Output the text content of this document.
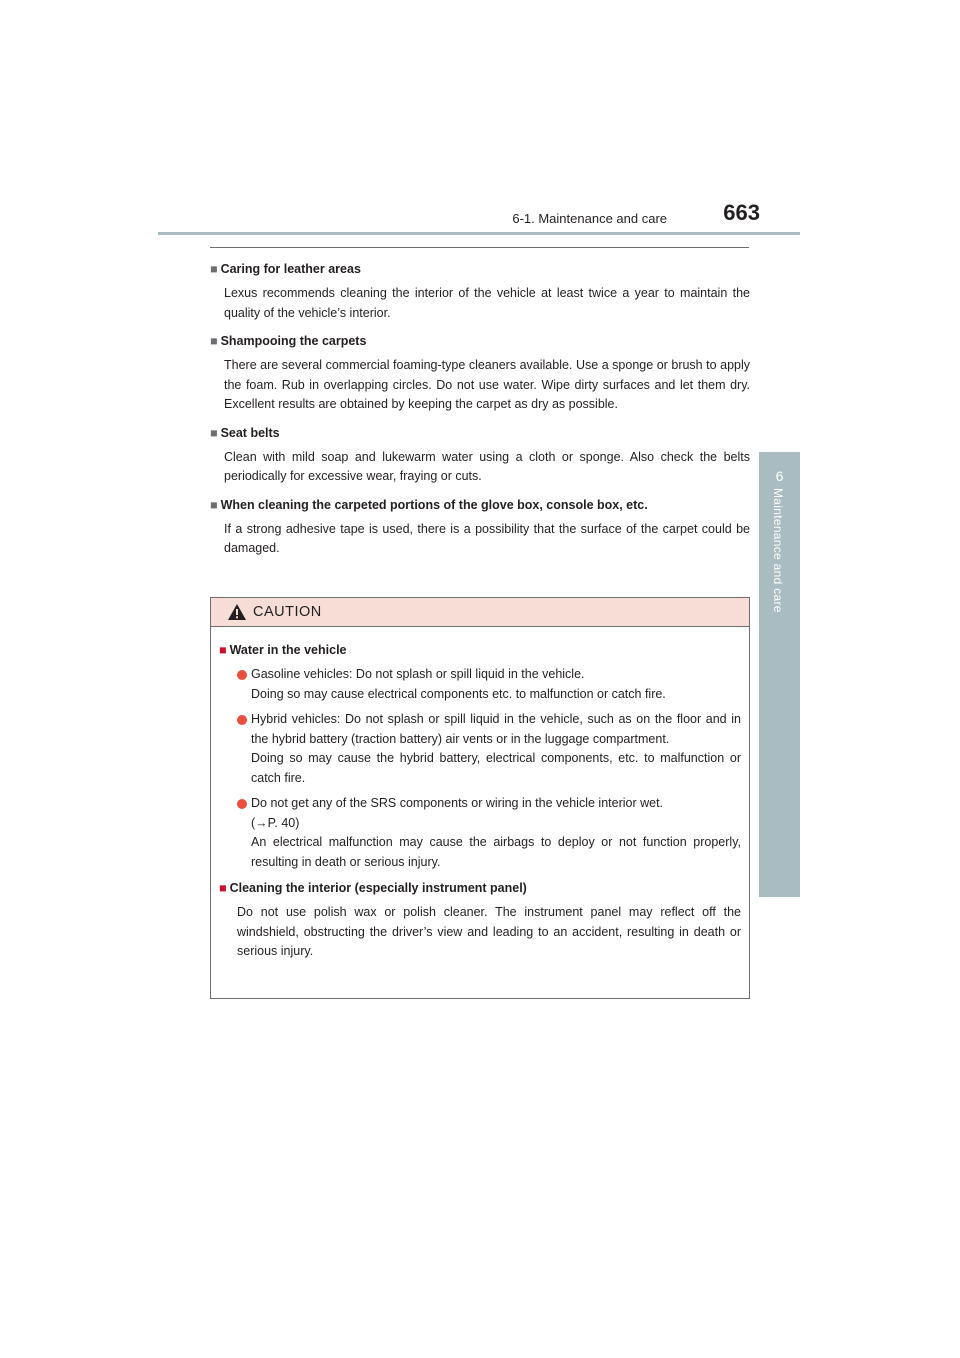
6-1. Maintenance and care	663
6
Maintenance and care
■ Caring for leather areas
Lexus recommends cleaning the interior of the vehicle at least twice a year to maintain the quality of the vehicle’s interior.
■ Shampooing the carpets
There are several commercial foaming-type cleaners available. Use a sponge or brush to apply the foam. Rub in overlapping circles. Do not use water. Wipe dirty surfaces and let them dry. Excellent results are obtained by keeping the carpet as dry as possible.
■ Seat belts
Clean with mild soap and lukewarm water using a cloth or sponge. Also check the belts periodically for excessive wear, fraying or cuts.
■ When cleaning the carpeted portions of the glove box, console box, etc.
If a strong adhesive tape is used, there is a possibility that the surface of the carpet could be damaged.
CAUTION
■ Water in the vehicle
Gasoline vehicles: Do not splash or spill liquid in the vehicle.
Doing so may cause electrical components etc. to malfunction or catch fire.
Hybrid vehicles: Do not splash or spill liquid in the vehicle, such as on the floor and in the hybrid battery (traction battery) air vents or in the luggage compartment.
Doing so may cause the hybrid battery, electrical components, etc. to malfunction or catch fire.
Do not get any of the SRS components or wiring in the vehicle interior wet.
(→P. 40)
An electrical malfunction may cause the airbags to deploy or not function properly, resulting in death or serious injury.
■ Cleaning the interior (especially instrument panel)
Do not use polish wax or polish cleaner. The instrument panel may reflect off the windshield, obstructing the driver’s view and leading to an accident, resulting in death or serious injury.
